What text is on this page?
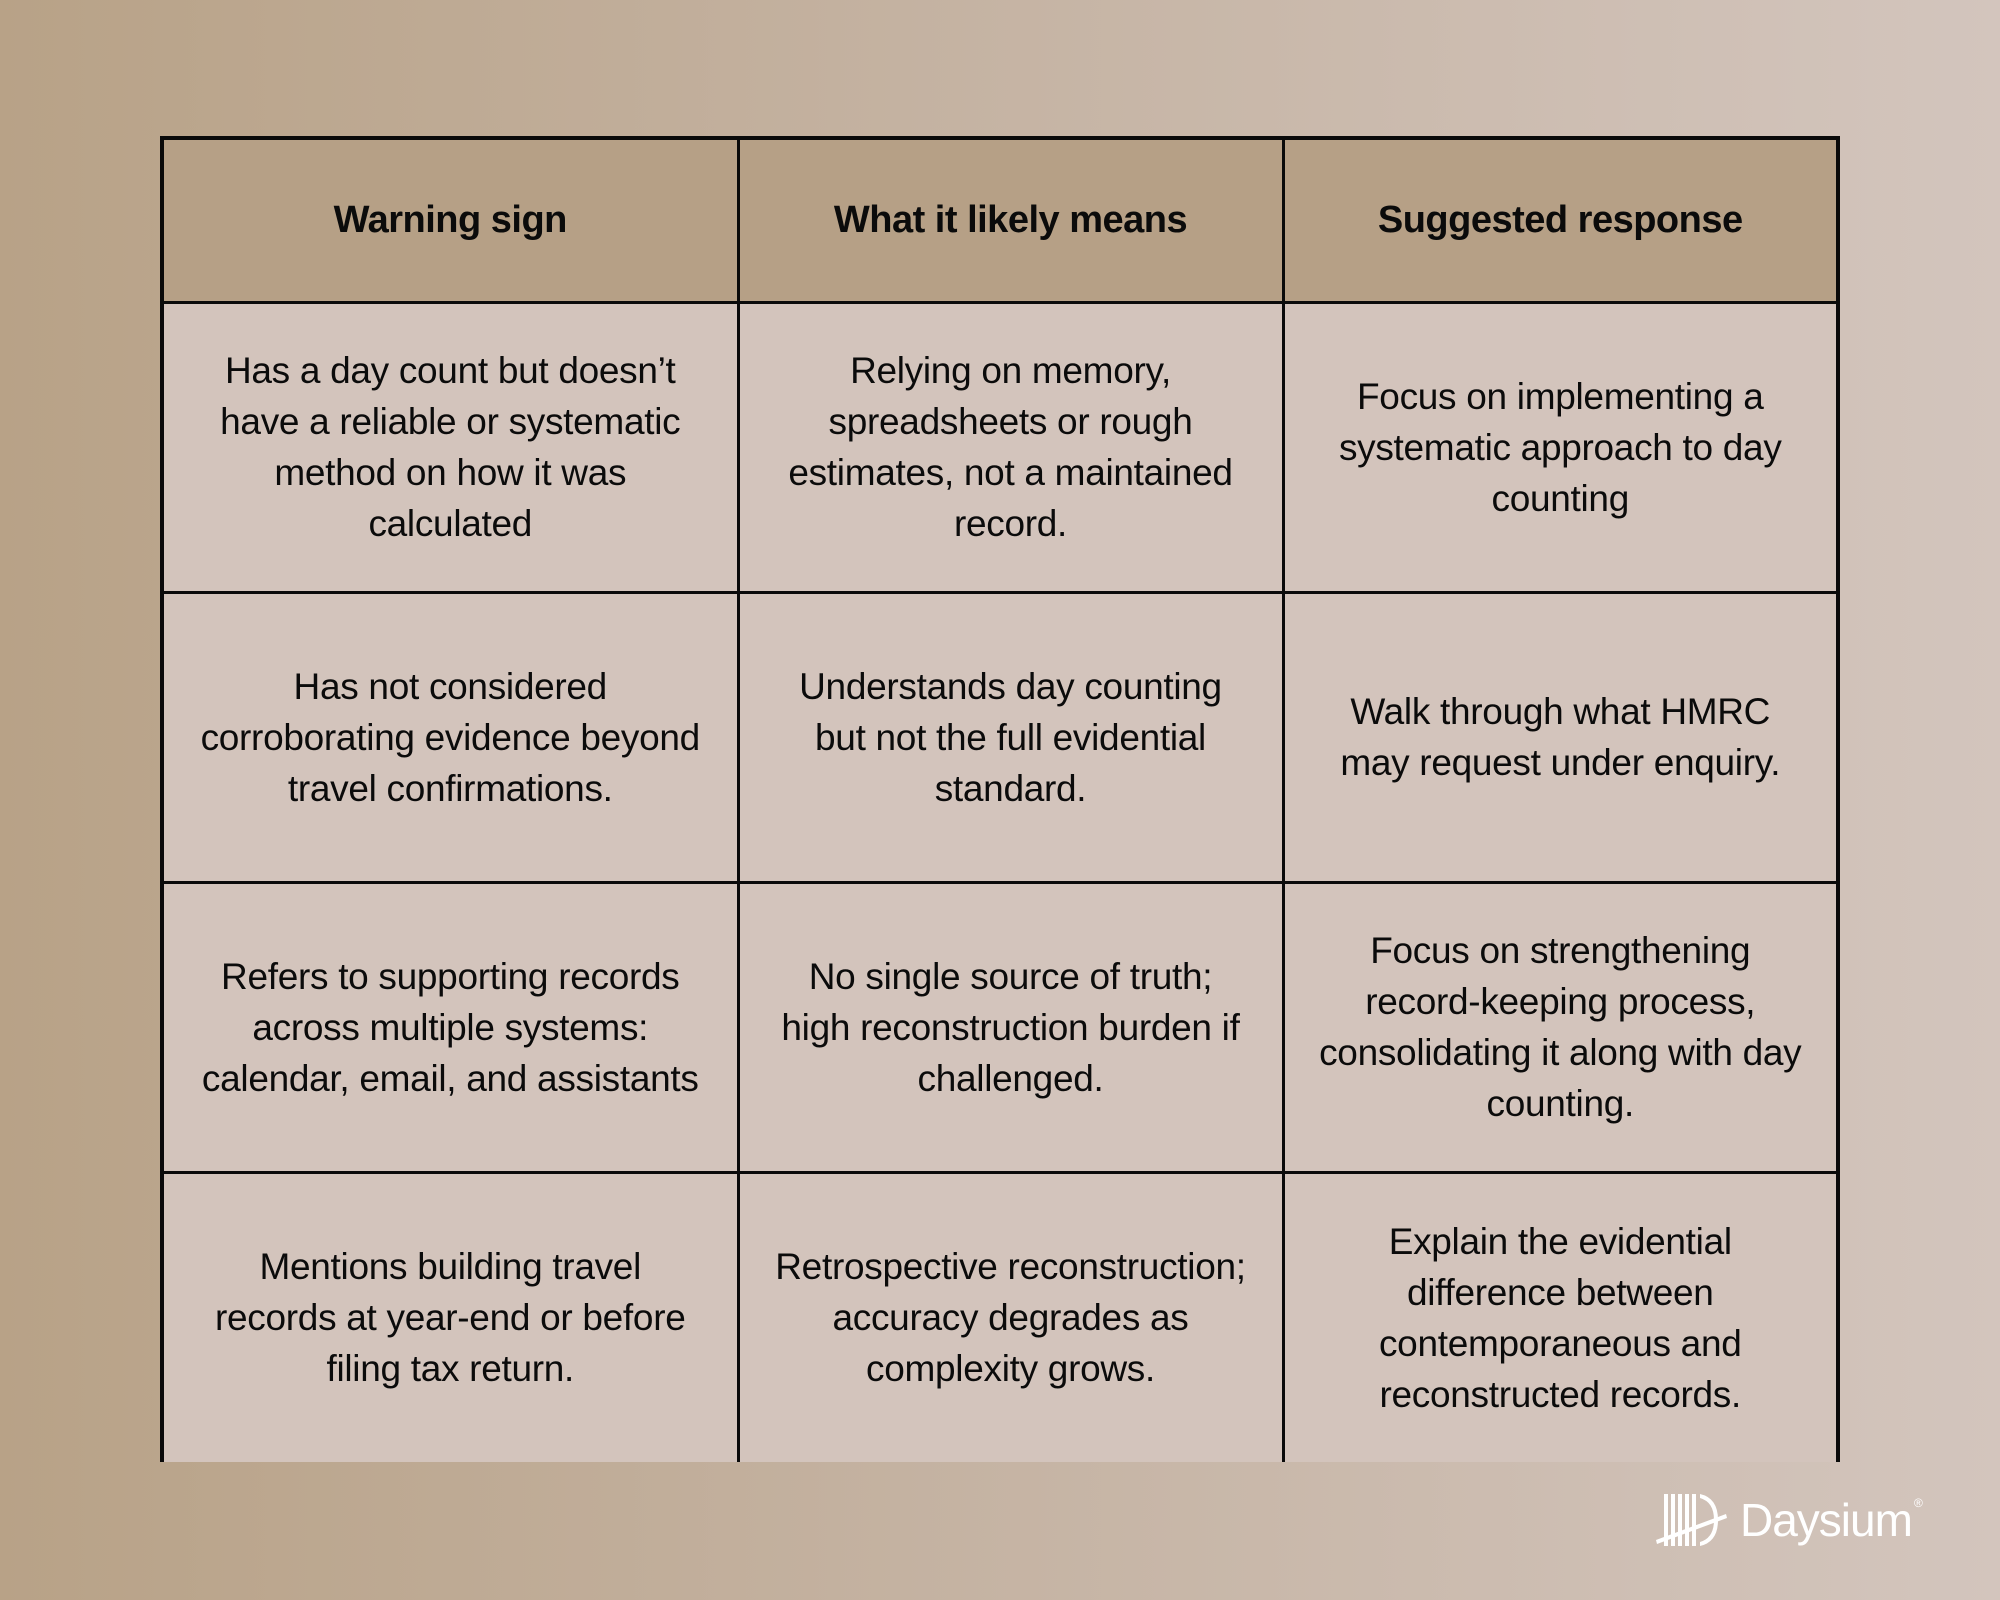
Warning sign	What it likely means	Suggested response
Has a day count but doesn’t have a reliable or systematic method on how it was calculated	Relying on memory, spreadsheets or rough estimates, not a maintained record.	Focus on implementing a systematic approach to day counting
Has not considered corroborating evidence beyond travel confirmations.	Understands day counting but not the full evidential standard.	Walk through what HMRC may request under enquiry.
Refers to supporting records across multiple systems: calendar, email, and assistants	No single source of truth; high reconstruction burden if challenged.	Focus on strengthening record-keeping process, consolidating it along with day counting.
Mentions building travel records at year-end or before filing tax return.	Retrospective reconstruction; accuracy degrades as complexity grows.	Explain the evidential difference between contemporaneous and reconstructed records.
Daysium ®
